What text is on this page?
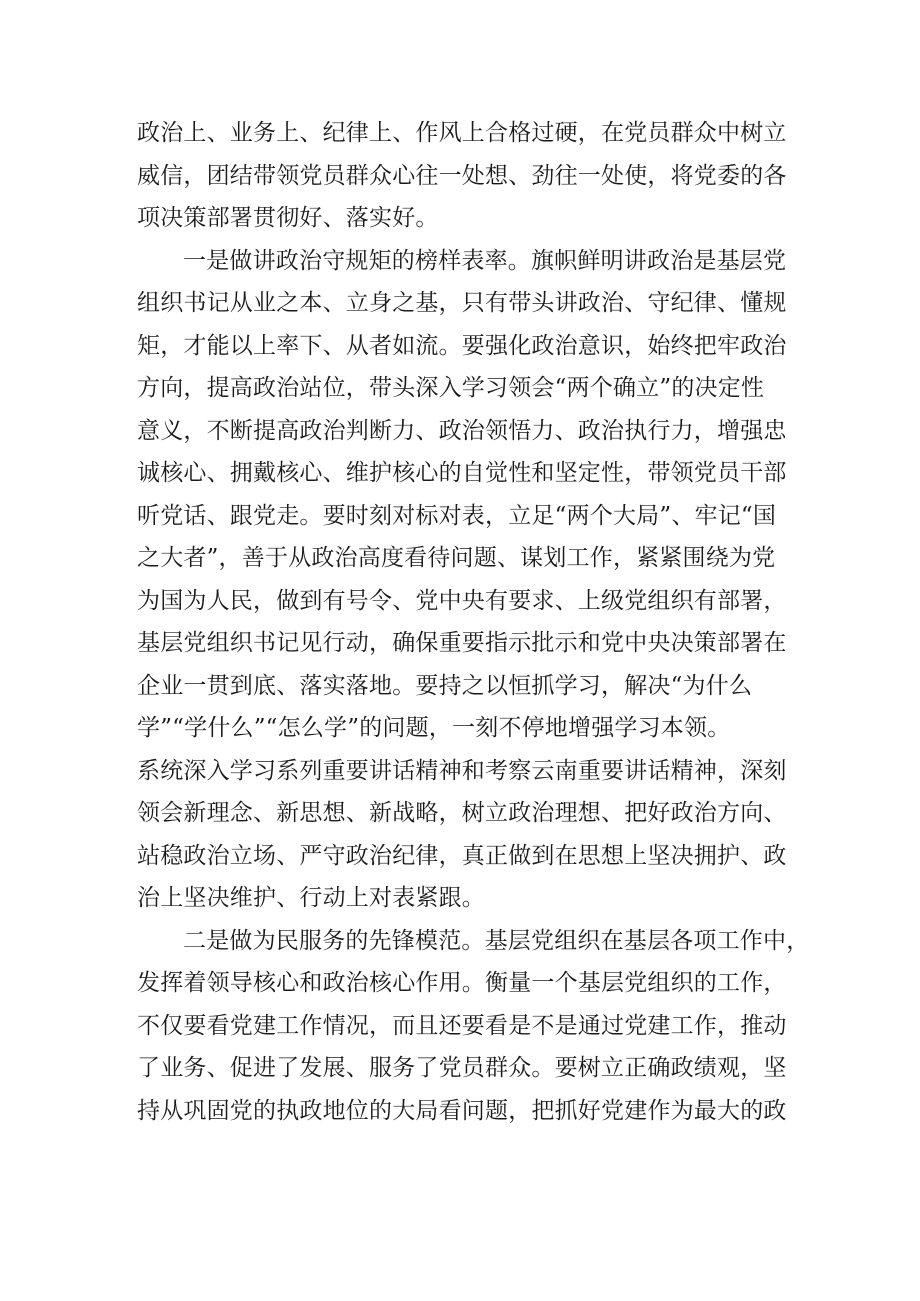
政治上、业务上、纪律上、作风上合格过硬，在党员群众中树立
威信，团结带领党员群众心往一处想、劲往一处使，将党委的各
项决策部署贯彻好、落实好。
一是做讲政治守规矩的榜样表率。旗帜鲜明讲政治是基层党
组织书记从业之本、立身之基，只有带头讲政治、守纪律、懂规
矩，才能以上率下、从者如流。要强化政治意识，始终把牢政治
方向，提高政治站位，带头深入学习领会“两个确立”的决定性
意义，不断提高政治判断力、政治领悟力、政治执行力，增强忠
诚核心、拥戴核心、维护核心的自觉性和坚定性，带领党员干部
听党话、跟党走。要时刻对标对表，立足“两个大局”、牢记“国
之大者”，善于从政治高度看待问题、谋划工作，紧紧围绕为党
为国为人民，做到有号令、党中央有要求、上级党组织有部署，
基层党组织书记见行动，确保重要指示批示和党中央决策部署在
企业一贯到底、落实落地。要持之以恒抓学习，解决“为什么
学”“学什么”“怎么学”的问题，一刻不停地增强学习本领。
系统深入学习系列重要讲话精神和考察云南重要讲话精神，深刻
领会新理念、新思想、新战略，树立政治理想、把好政治方向、
站稳政治立场、严守政治纪律，真正做到在思想上坚决拥护、政
治上坚决维护、行动上对表紧跟。
二是做为民服务的先锋模范。基层党组织在基层各项工作中，
发挥着领导核心和政治核心作用。衡量一个基层党组织的工作，
不仅要看党建工作情况，而且还要看是不是通过党建工作，推动
了业务、促进了发展、服务了党员群众。要树立正确政绩观，坚
持从巩固党的执政地位的大局看问题，把抓好党建作为最大的政
